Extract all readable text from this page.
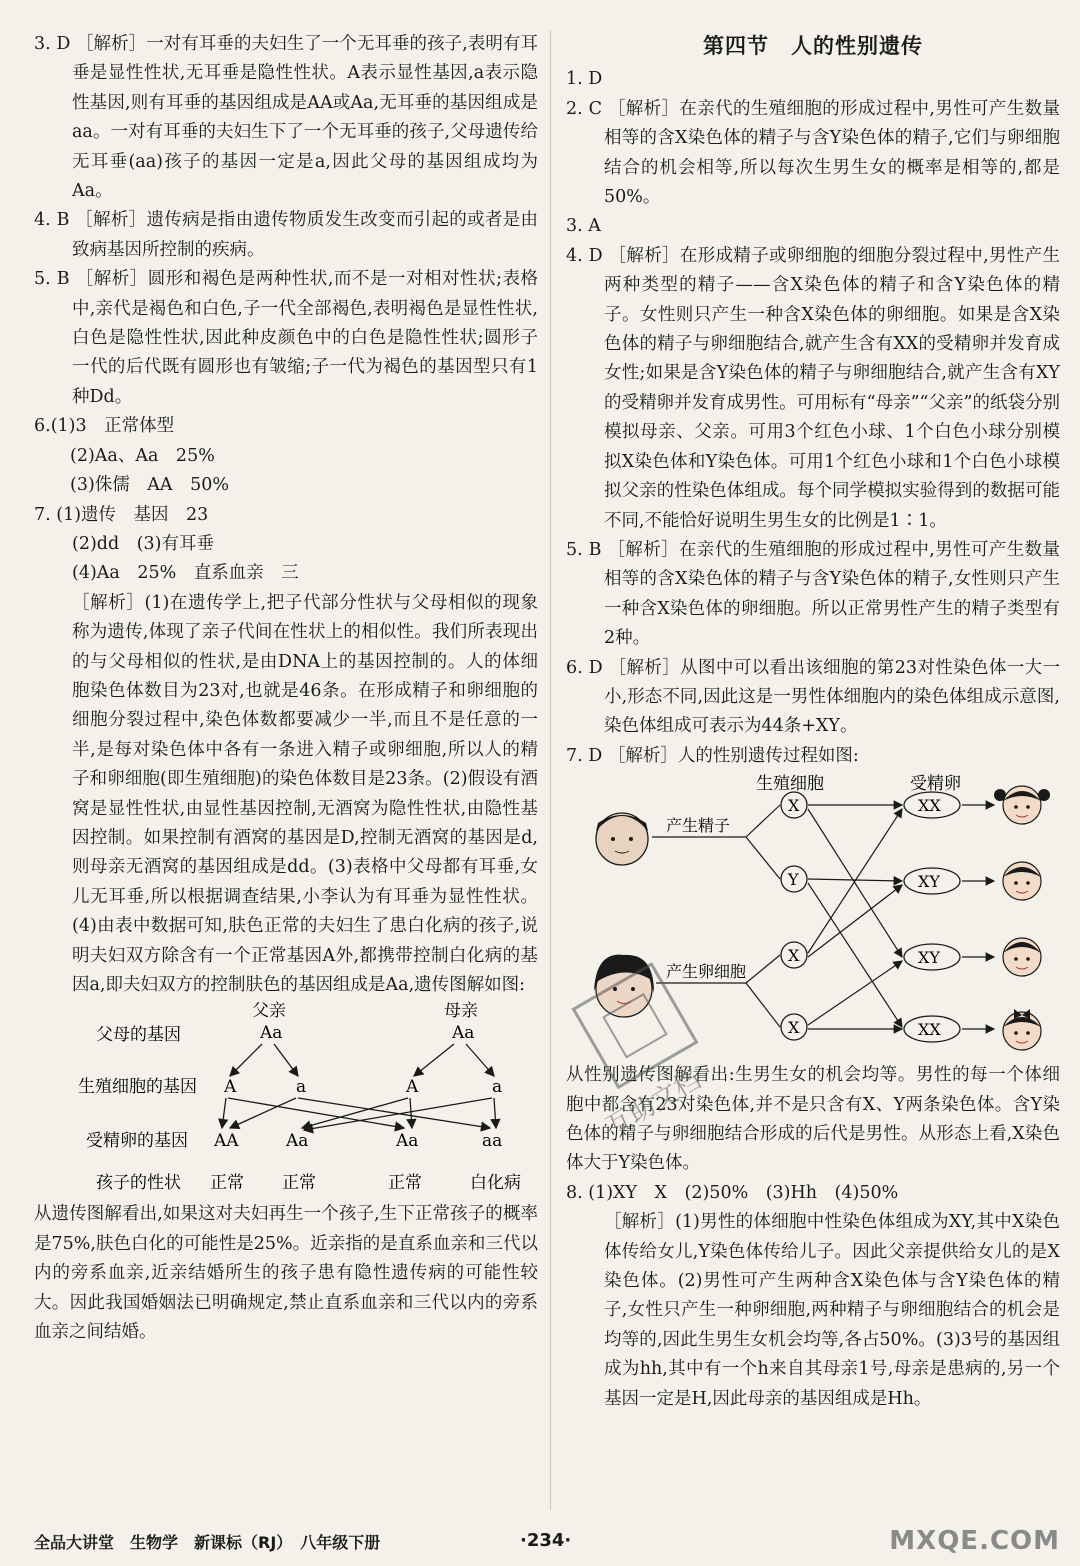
3. D ［解析］一对有耳垂的夫妇生了一个无耳垂的孩子,表明有耳垂是显性性状,无耳垂是隐性性状。A表示显性基因,a表示隐性基因,则有耳垂的基因组成是AA或Aa,无耳垂的基因组成是aa。一对有耳垂的夫妇生下了一个无耳垂的孩子,父母遗传给无耳垂(aa)孩子的基因一定是a,因此父母的基因组成均为Aa。

4. B ［解析］遗传病是指由遗传物质发生改变而引起的或者是由致病基因所控制的疾病。

5. B ［解析］圆形和褐色是两种性状,而不是一对相对性状;表格中,亲代是褐色和白色,子一代全部褐色,表明褐色是显性性状,白色是隐性性状,因此种皮颜色中的白色是隐性性状;圆形子一代的后代既有圆形也有皱缩;子一代为褐色的基因型只有1种Dd。

6.(1)3　正常体型

(2)Aa、Aa　25%

(3)侏儒　AA　50%

7. (1)遗传　基因　23

(2)dd　(3)有耳垂

(4)Aa　25%　直系血亲　三

［解析］(1)在遗传学上,把子代部分性状与父母相似的现象称为遗传,体现了亲子代间在性状上的相似性。我们所表现出的与父母相似的性状,是由DNA上的基因控制的。人的体细胞染色体数目为23对,也就是46条。在形成精子和卵细胞的细胞分裂过程中,染色体数都要减少一半,而且不是任意的一半,是每对染色体中各有一条进入精子或卵细胞,所以人的精子和卵细胞(即生殖细胞)的染色体数目是23条。(2)假设有酒窝是显性性状,由显性基因控制,无酒窝为隐性性状,由隐性基因控制。如果控制有酒窝的基因是D,控制无酒窝的基因是d,则母亲无酒窝的基因组成是dd。(3)表格中父母都有耳垂,女儿无耳垂,所以根据调查结果,小李认为有耳垂为显性性状。(4)由表中数据可知,肤色正常的夫妇生了患白化病的孩子,说明夫妇双方除含有一个正常基因A外,都携带控制白化病的基因a,即夫妇双方的控制肤色的基因组成是Aa,遗传图解如图:

父亲	母亲
父母的基因	Aa	Aa
生殖细胞的基因 A	a	A	a
受精卵的基因 AA	Aa	Aa	aa
孩子的性状 正常 正常	正常	白化病

从遗传图解看出,如果这对夫妇再生一个孩子,生下正常孩子的概率是75%,肤色白化的可能性是25%。近亲指的是直系血亲和三代以内的旁系血亲,近亲结婚所生的孩子患有隐性遗传病的可能性较大。因此我国婚姻法已明确规定,禁止直系血亲和三代以内的旁系血亲之间结婚。

第四节　人的性别遗传

1. D

2. C ［解析］在亲代的生殖细胞的形成过程中,男性可产生数量相等的含X染色体的精子与含Y染色体的精子,它们与卵细胞结合的机会相等,所以每次生男生女的概率是相等的,都是50%。

3. A

4. D ［解析］在形成精子或卵细胞的细胞分裂过程中,男性产生两种类型的精子——含X染色体的精子和含Y染色体的精子。女性则只产生一种含X染色体的卵细胞。如果是含X染色体的精子与卵细胞结合,就产生含有XX的受精卵并发育成女性;如果是含Y染色体的精子与卵细胞结合,就产生含有XY的受精卵并发育成男性。可用标有“母亲”“父亲”的纸袋分别模拟母亲、父亲。可用3个红色小球、1个白色小球分别模拟X染色体和Y染色体。可用1个红色小球和1个白色小球模拟父亲的性染色体组成。每个同学模拟实验得到的数据可能不同,不能恰好说明生男生女的比例是1∶1。

5. B ［解析］在亲代的生殖细胞的形成过程中,男性可产生数量相等的含X染色体的精子与含Y染色体的精子,女性则只产生一种含X染色体的卵细胞。所以正常男性产生的精子类型有2种。

6. D ［解析］从图中可以看出该细胞的第23对性染色体一大一小,形态不同,因此这是一男性体细胞内的染色体组成示意图,染色体组成可表示为44条+XY。

7. D ［解析］人的性别遗传过程如图:

生殖细胞	受精卵
产生精子
产生卵细胞
X
Y
X
X
XX
XY
XY
XX

从性别遗传图解看出:生男生女的机会均等。男性的每一个体细胞中都含有23对染色体,并不是只含有X、Y两条染色体。含Y染色体的精子与卵细胞结合形成的后代是男性。从形态上看,X染色体大于Y染色体。

8. (1)XY　X　(2)50%　(3)Hh　(4)50%

［解析］(1)男性的体细胞中性染色体组成为XY,其中X染色体传给女儿,Y染色体传给儿子。因此父亲提供给女儿的是X染色体。(2)男性可产生两种含X染色体与含Y染色体的精子,女性只产生一种卵细胞,两种精子与卵细胞结合的机会是均等的,因此生男生女机会均等,各占50%。(3)3号的基因组成为hh,其中有一个h来自其母亲1号,母亲是患病的,另一个基因一定是H,因此母亲的基因组成是Hh。

互助文档
全品大讲堂　生物学　新课标（RJ）　八年级下册	·234·	MXQE.COM
